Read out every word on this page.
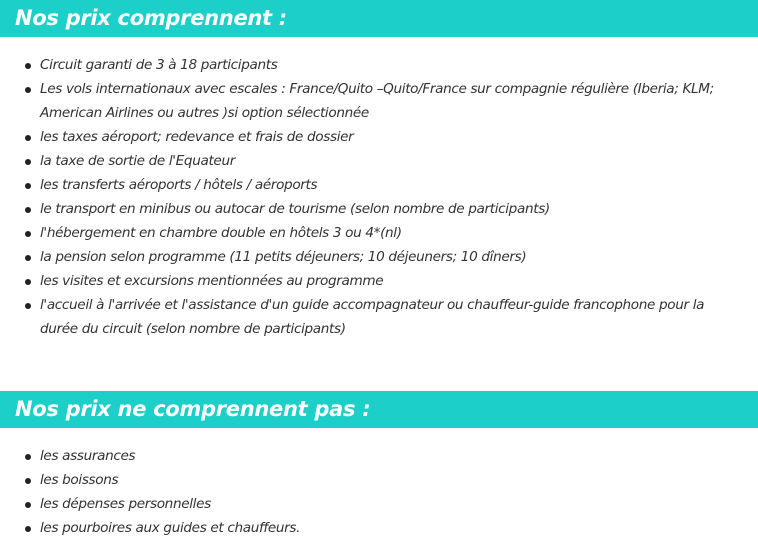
Nos prix comprennent :
Circuit garanti de 3 à 18 participants
Les vols internationaux avec escales : France/Quito –Quito/France sur compagnie régulière (Iberia; KLM; American Airlines ou autres )si option sélectionnée
les taxes aéroport; redevance et frais de dossier
la taxe de sortie de l'Equateur
les transferts aéroports / hôtels / aéroports
le transport en minibus ou autocar de tourisme (selon nombre de participants)
l'hébergement en chambre double en hôtels 3 ou 4*(nl)
la pension selon programme (11 petits déjeuners; 10 déjeuners; 10 dîners)
les visites et excursions mentionnées au programme
l'accueil à l'arrivée et l'assistance d'un guide accompagnateur ou chauffeur-guide francophone pour la durée du circuit (selon nombre de participants)
Nos prix ne comprennent pas :
les assurances
les boissons
les dépenses personnelles
les pourboires aux guides et chauffeurs.
